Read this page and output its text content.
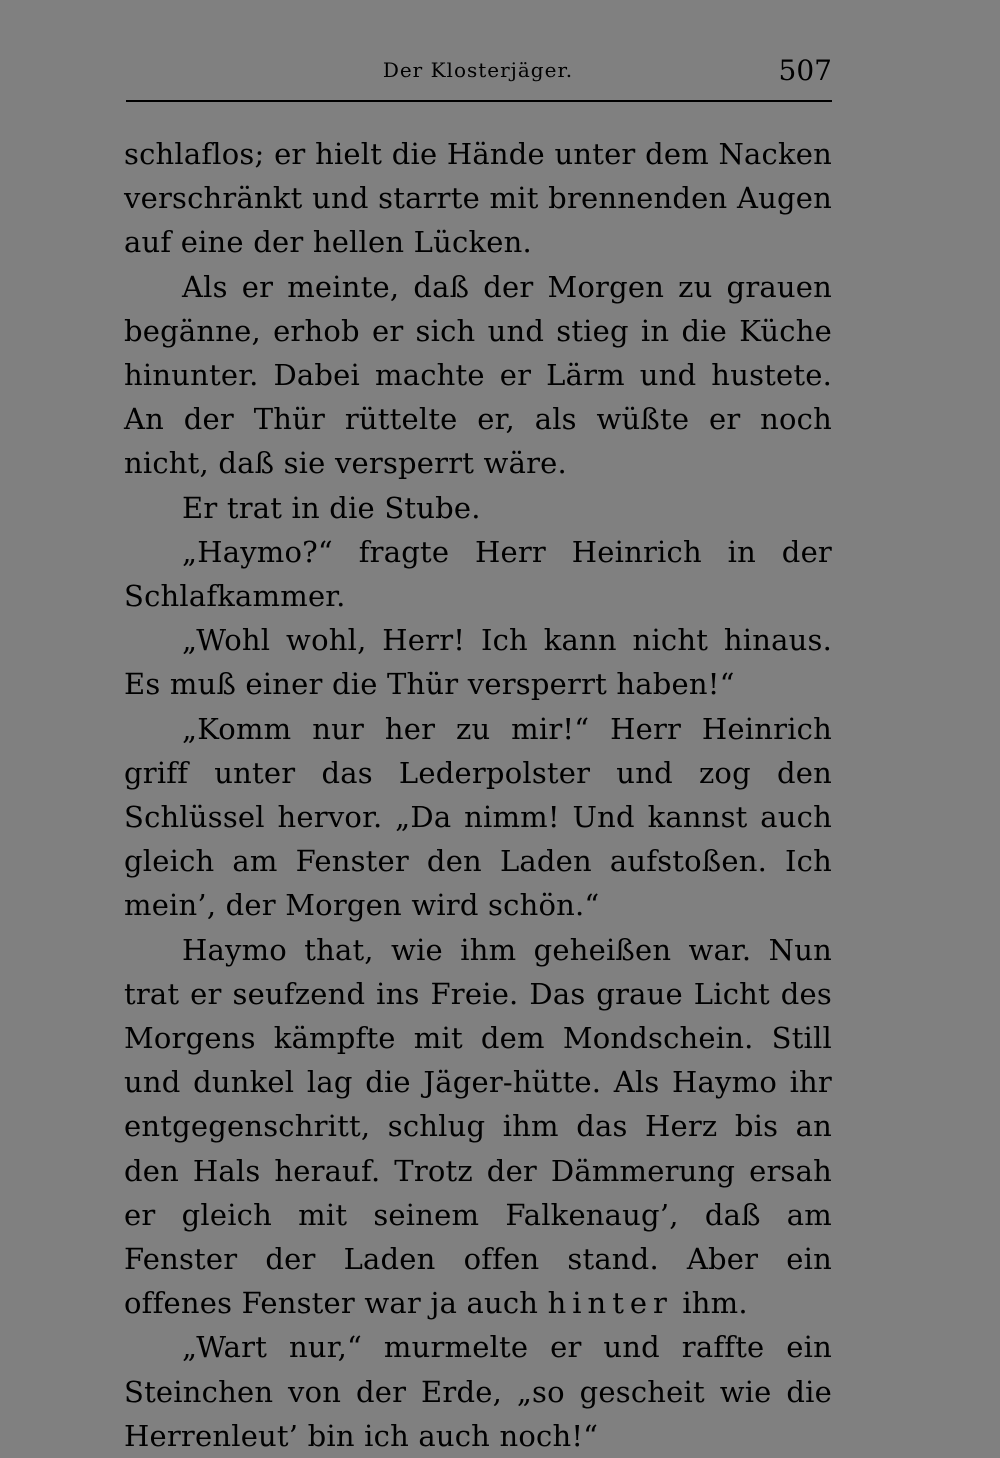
Der Klosterjäger.	507

schlaflos; er hielt die Hände unter dem Nacken verschränkt und starrte mit brennenden Augen auf eine der hellen Lücken.

Als er meinte, daß der Morgen zu grauen begänne, erhob er sich und stieg in die Küche hinunter. Dabei machte er Lärm und hustete. An der Thür rüttelte er, als wüßte er noch nicht, daß sie versperrt wäre.

Er trat in die Stube.

„Haymo?“ fragte Herr Heinrich in der Schlafkammer.

„Wohl wohl, Herr! Ich kann nicht hinaus. Es muß einer die Thür versperrt haben!“

„Komm nur her zu mir!“ Herr Heinrich griff unter das Lederpolster und zog den Schlüssel hervor. „Da nimm! Und kannst auch gleich am Fenster den Laden aufstoßen. Ich mein’, der Morgen wird schön.“

Haymo that, wie ihm geheißen war. Nun trat er seufzend ins Freie. Das graue Licht des Morgens kämpfte mit dem Mondschein. Still und dunkel lag die Jäger-hütte. Als Haymo ihr entgegenschritt, schlug ihm das Herz bis an den Hals herauf. Trotz der Dämmerung ersah er gleich mit seinem Falkenaug’, daß am Fenster der Laden offen stand. Aber ein offenes Fenster war ja auch hinter ihm.

„Wart nur,“ murmelte er und raffte ein Steinchen von der Erde, „so gescheit wie die Herrenleut’ bin ich auch noch!“
